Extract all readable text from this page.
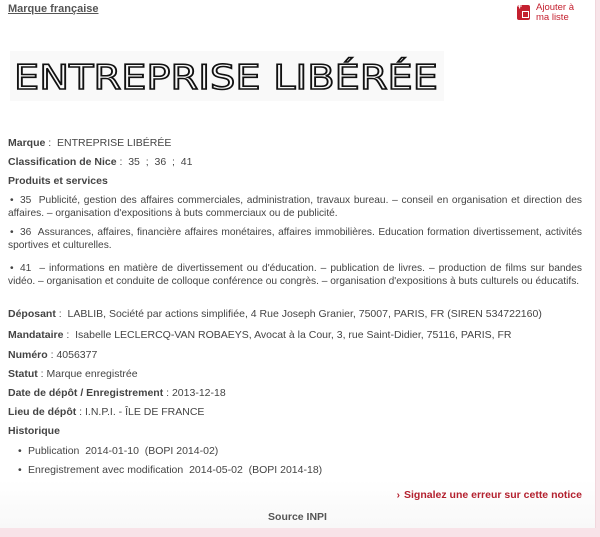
Marque française +	Ajouter à ma liste
ENTREPRISE LIBÉRÉE
Marque :  ENTREPRISE LIBÉRÉE
Classification de Nice :  35  ;  36  ;  41
Produits et services
• 35  Publicité, gestion des affaires commerciales, administration, travaux bureau. – conseil en organisation et direction des affaires. – organisation d'expositions à buts commerciaux ou de publicité.
• 36  Assurances, affaires, financière affaires monétaires, affaires immobilières. Education formation divertissement, activités sportives et culturelles.
• 41  – informations en matière de divertissement ou d'éducation. – publication de livres. – production de films sur bandes vidéo. – organisation et conduite de colloque conférence ou congrès. – organisation d'expositions à buts culturels ou éducatifs.
Déposant :  LABLIB, Société par actions simplifiée, 4 Rue Joseph Granier, 75007, PARIS, FR (SIREN 534722160)
Mandataire :  Isabelle LECLERCQ-VAN ROBAEYS, Avocat à la Cour, 3, rue Saint-Didier, 75116, PARIS, FR
Numéro : 4056377
Statut : Marque enregistrée
Date de dépôt / Enregistrement : 2013-12-18
Lieu de dépôt : I.N.P.I. - ÎLE DE FRANCE
Historique
• Publication  2014-01-10  (BOPI 2014-02)
• Enregistrement avec modification  2014-05-02  (BOPI 2014-18)
› Signalez une erreur sur cette notice
Source INPI
